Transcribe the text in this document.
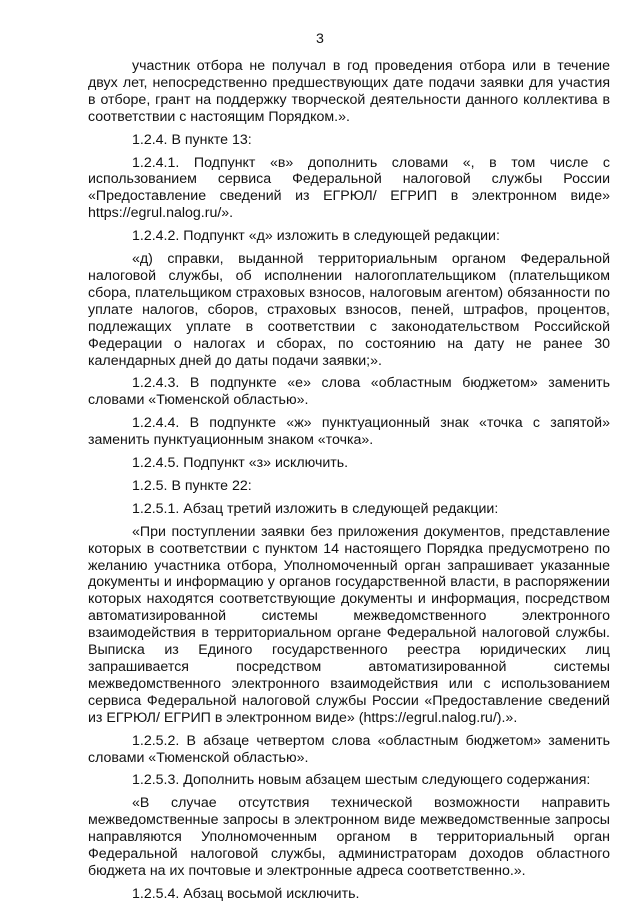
3

участник отбора не получал в год проведения отбора или в течение двух лет, непосредственно предшествующих дате подачи заявки для участия в отборе, грант на поддержку творческой деятельности данного коллектива в соответствии с настоящим Порядком.».

1.2.4. В пункте 13:

1.2.4.1. Подпункт «в» дополнить словами «, в том числе с использованием сервиса Федеральной налоговой службы России «Предоставление сведений из ЕГРЮЛ/ ЕГРИП в электронном виде» https://egrul.nalog.ru/».

1.2.4.2. Подпункт «д» изложить в следующей редакции:

«д) справки, выданной территориальным органом Федеральной налоговой службы, об исполнении налогоплательщиком (плательщиком сбора, плательщиком страховых взносов, налоговым агентом) обязанности по уплате налогов, сборов, страховых взносов, пеней, штрафов, процентов, подлежащих уплате в соответствии с законодательством Российской Федерации о налогах и сборах, по состоянию на дату не ранее 30 календарных дней до даты подачи заявки;».

1.2.4.3. В подпункте «е» слова «областным бюджетом» заменить словами «Тюменской областью».

1.2.4.4. В подпункте «ж» пунктуационный знак «точка с запятой» заменить пунктуационным знаком «точка».

1.2.4.5. Подпункт «з» исключить.

1.2.5. В пункте 22:

1.2.5.1. Абзац третий изложить в следующей редакции:

«При поступлении заявки без приложения документов, представление которых в соответствии с пунктом 14 настоящего Порядка предусмотрено по желанию участника отбора, Уполномоченный орган запрашивает указанные документы и информацию у органов государственной власти, в распоряжении которых находятся соответствующие документы и информация, посредством автоматизированной системы межведомственного электронного взаимодействия в территориальном органе Федеральной налоговой службы. Выписка из Единого государственного реестра юридических лиц запрашивается посредством автоматизированной системы межведомственного электронного взаимодействия или с использованием сервиса Федеральной налоговой службы России «Предоставление сведений из ЕГРЮЛ/ ЕГРИП в электронном виде» (https://egrul.nalog.ru/).».

1.2.5.2. В абзаце четвертом слова «областным бюджетом» заменить словами «Тюменской областью».

1.2.5.3. Дополнить новым абзацем шестым следующего содержания:

«В случае отсутствия технической возможности направить межведомственные запросы в электронном виде межведомственные запросы направляются Уполномоченным органом в территориальный орган Федеральной налоговой службы, администраторам доходов областного бюджета на их почтовые и электронные адреса соответственно.».

1.2.5.4. Абзац восьмой исключить.
